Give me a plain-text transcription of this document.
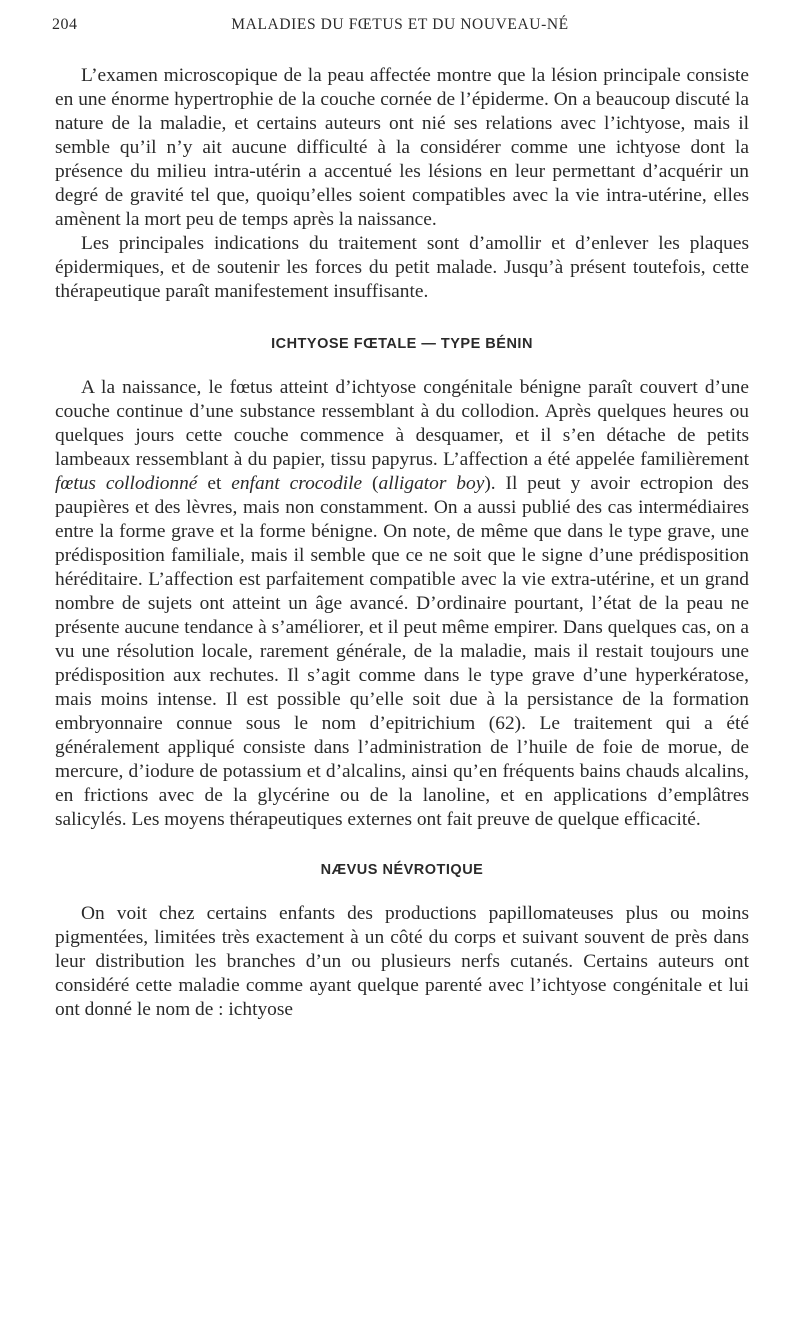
204	MALADIES DU FŒTUS ET DU NOUVEAU-NÉ

L’examen microscopique de la peau affectée montre que la lésion principale consiste en une énorme hypertrophie de la couche cornée de l’épiderme. On a beaucoup discuté la nature de la maladie, et certains auteurs ont nié ses relations avec l’ichtyose, mais il semble qu’il n’y ait aucune difficulté à la considérer comme une ichtyose dont la présence du milieu intra-utérin a accentué les lésions en leur permettant d’acquérir un degré de gravité tel que, quoiqu’elles soient compatibles avec la vie intra-utérine, elles amènent la mort peu de temps après la naissance.

Les principales indications du traitement sont d’amollir et d’enlever les plaques épidermiques, et de soutenir les forces du petit malade. Jusqu’à présent toutefois, cette thérapeutique paraît manifestement insuffisante.

ICHTYOSE FŒTALE — TYPE BÉNIN

A la naissance, le fœtus atteint d’ichtyose congénitale bénigne paraît couvert d’une couche continue d’une substance ressemblant à du collodion. Après quelques heures ou quelques jours cette couche commence à desquamer, et il s’en détache de petits lambeaux ressemblant à du papier, tissu papyrus. L’affection a été appelée familièrement fœtus collodionné et enfant crocodile (alligator boy). Il peut y avoir ectropion des paupières et des lèvres, mais non constamment. On a aussi publié des cas intermédiaires entre la forme grave et la forme bénigne. On note, de même que dans le type grave, une prédisposition familiale, mais il semble que ce ne soit que le signe d’une prédisposition héréditaire. L’affection est parfaitement compatible avec la vie extra-utérine, et un grand nombre de sujets ont atteint un âge avancé. D’ordinaire pourtant, l’état de la peau ne présente aucune tendance à s’améliorer, et il peut même empirer. Dans quelques cas, on a vu une résolution locale, rarement générale, de la maladie, mais il restait toujours une prédisposition aux rechutes. Il s’agit comme dans le type grave d’une hyperkératose, mais moins intense. Il est possible qu’elle soit due à la persistance de la formation embryonnaire connue sous le nom d’epitrichium (62). Le traitement qui a été généralement appliqué consiste dans l’administration de l’huile de foie de morue, de mercure, d’iodure de potassium et d’alcalins, ainsi qu’en fréquents bains chauds alcalins, en frictions avec de la glycérine ou de la lanoline, et en applications d’emplâtres salicylés. Les moyens thérapeutiques externes ont fait preuve de quelque efficacité.

NÆVUS NÉVROTIQUE

On voit chez certains enfants des productions papillomateuses plus ou moins pigmentées, limitées très exactement à un côté du corps et suivant souvent de près dans leur distribution les branches d’un ou plusieurs nerfs cutanés. Certains auteurs ont considéré cette maladie comme ayant quelque parenté avec l’ichtyose congénitale et lui ont donné le nom de : ichtyose
